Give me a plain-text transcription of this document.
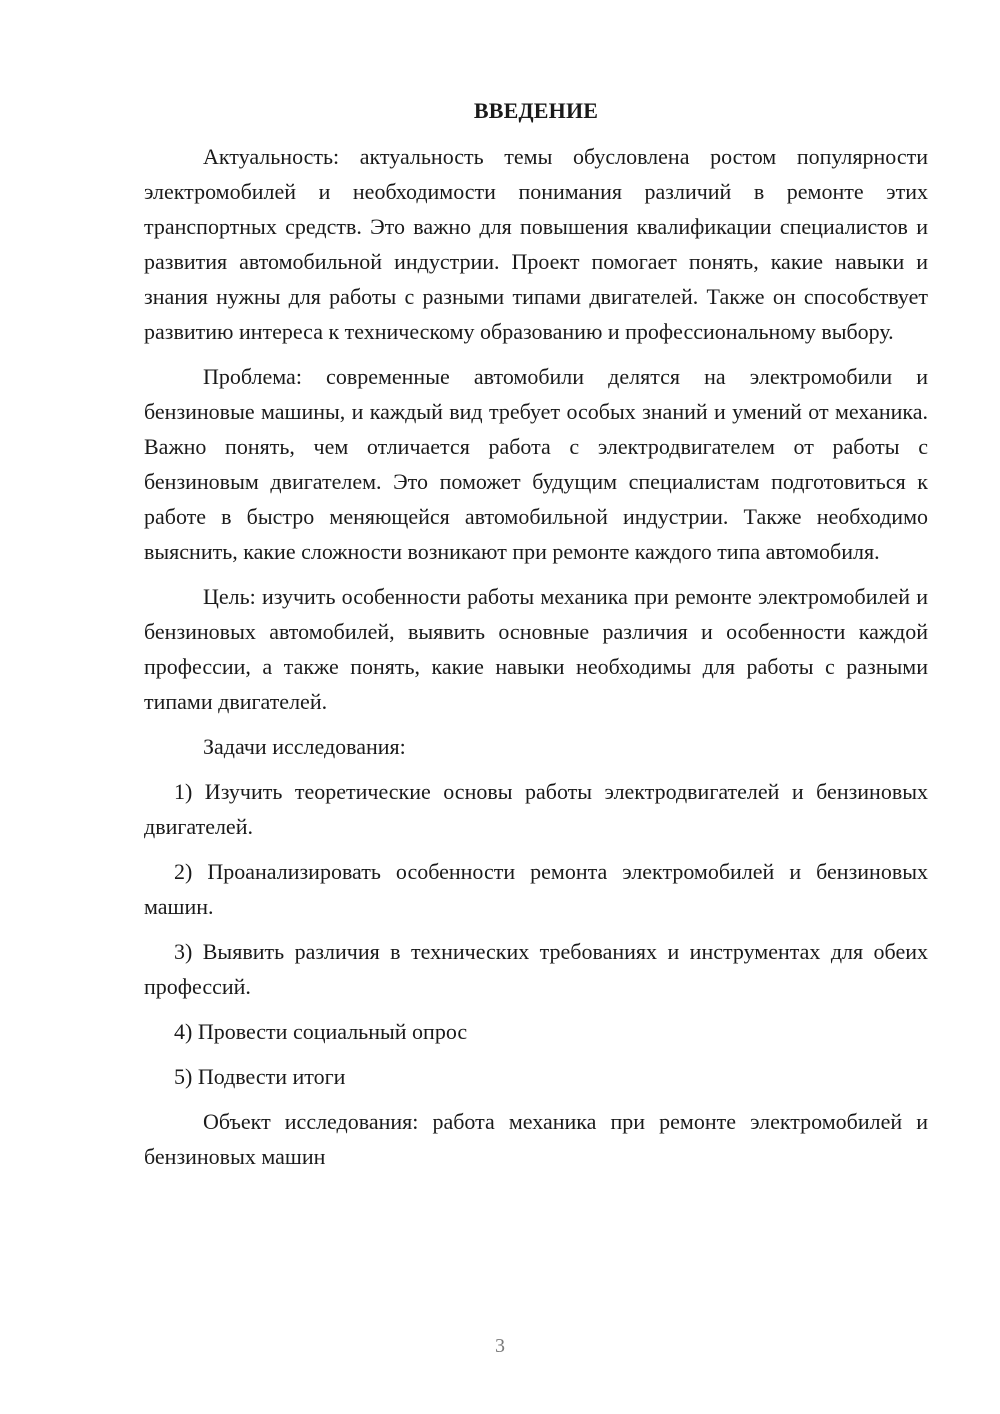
ВВЕДЕНИЕ

Актуальность: актуальность темы обусловлена ростом популярности электромобилей и необходимости понимания различий в ремонте этих транспортных средств. Это важно для повышения квалификации специалистов и развития автомобильной индустрии. Проект помогает понять, какие навыки и знания нужны для работы с разными типами двигателей. Также он способствует развитию интереса к техническому образованию и профессиональному выбору.

Проблема: современные автомобили делятся на электромобили и бензиновые машины, и каждый вид требует особых знаний и умений от механика. Важно понять, чем отличается работа с электродвигателем от работы с бензиновым двигателем. Это поможет будущим специалистам подготовиться к работе в быстро меняющейся автомобильной индустрии. Также необходимо выяснить, какие сложности возникают при ремонте каждого типа автомобиля.

Цель: изучить особенности работы механика при ремонте электромобилей и бензиновых автомобилей, выявить основные различия и особенности каждой профессии, а также понять, какие навыки необходимы для работы с разными типами двигателей.

Задачи исследования:

1) Изучить теоретические основы работы электродвигателей и бензиновых двигателей.

2) Проанализировать особенности ремонта электромобилей и бензиновых машин.

3) Выявить различия в технических требованиях и инструментах для обеих профессий.

4) Провести социальный опрос

5) Подвести итоги

Объект исследования: работа механика при ремонте электромобилей и бензиновых машин

3
